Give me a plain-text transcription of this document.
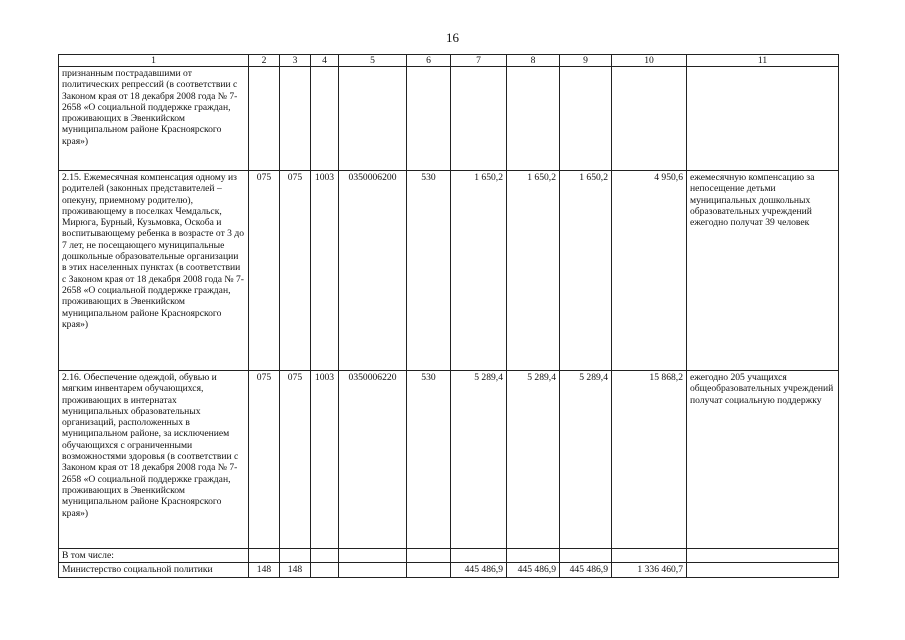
16
1	2	3	4	5	6	7	8	9	10	11
признанным пострадавшими от политических репрессий (в соответствии с Законом края от 18 декабря 2008 года № 7-2658 «О социальной поддержке граждан, проживающих в Эвенкийском муниципальном районе Красноярского края»)										
2.15. Ежемесячная компенсация одному из родителей (законных представителей – опекуну, приемному родителю), проживающему в поселках Чемдальск, Мирюга, Бурный, Кузьмовка, Оскоба и воспитывающему ребенка в возрасте от 3 до 7 лет, не посещающего муниципальные дошкольные образовательные организации в этих населенных пунктах (в соответствии с Законом края от 18 декабря 2008 года № 7-2658 «О социальной поддержке граждан, проживающих в Эвенкийском муниципальном районе Красноярского края»)	075	075	1003	0350006200	530	1 650,2	1 650,2	1 650,2	4 950,6	ежемесячную компенсацию за непосещение детьми муниципальных дошкольных образовательных учреждений ежегодно получат 39 человек
2.16. Обеспечение одеждой, обувью и мягким инвентарем обучающихся, проживающих в интернатах муниципальных образовательных организаций, расположенных в муниципальном районе, за исключением обучающихся с ограниченными возможностями здоровья (в соответствии с Законом края от 18 декабря 2008 года № 7-2658 «О социальной поддержке граждан, проживающих в Эвенкийском муниципальном районе Красноярского края»)	075	075	1003	0350006220	530	5 289,4	5 289,4	5 289,4	15 868,2	ежегодно 205 учащихся общеобразовательных учреждений получат социальную поддержку
В том числе:										
Министерство социальной политики	148	148				445 486,9	445 486,9	445 486,9	1 336 460,7	
